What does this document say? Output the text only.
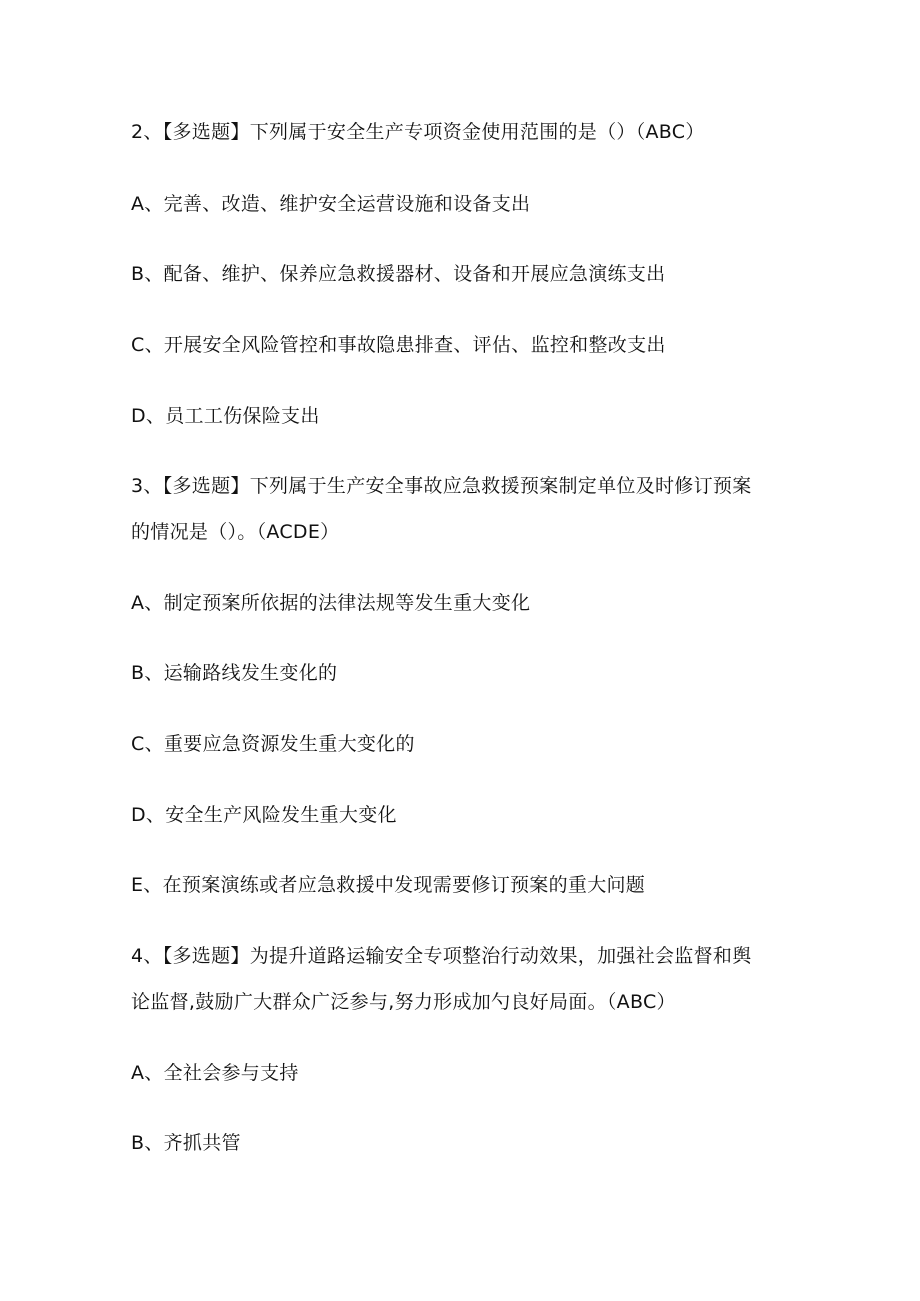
2、【多选题】下列属于安全生产专项资金使用范围的是（）（ABC）
A、完善、改造、维护安全运营设施和设备支出
B、配备、维护、保养应急救援器材、设备和开展应急演练支出
C、开展安全风险管控和事故隐患排查、评估、监控和整改支出
D、员工工伤保险支出
3、【多选题】下列属于生产安全事故应急救援预案制定单位及时修订预案
的情况是（）。（ACDE）
A、制定预案所依据的法律法规等发生重大变化
B、运输路线发生变化的
C、重要应急资源发生重大变化的
D、安全生产风险发生重大变化
E、在预案演练或者应急救援中发现需要修订预案的重大问题
4、【多选题】为提升道路运输安全专项整治行动效果，加强社会监督和舆
论监督,鼓励广大群众广泛参与,努力形成加勺良好局面。（ABC）
A、全社会参与支持
B、齐抓共管
